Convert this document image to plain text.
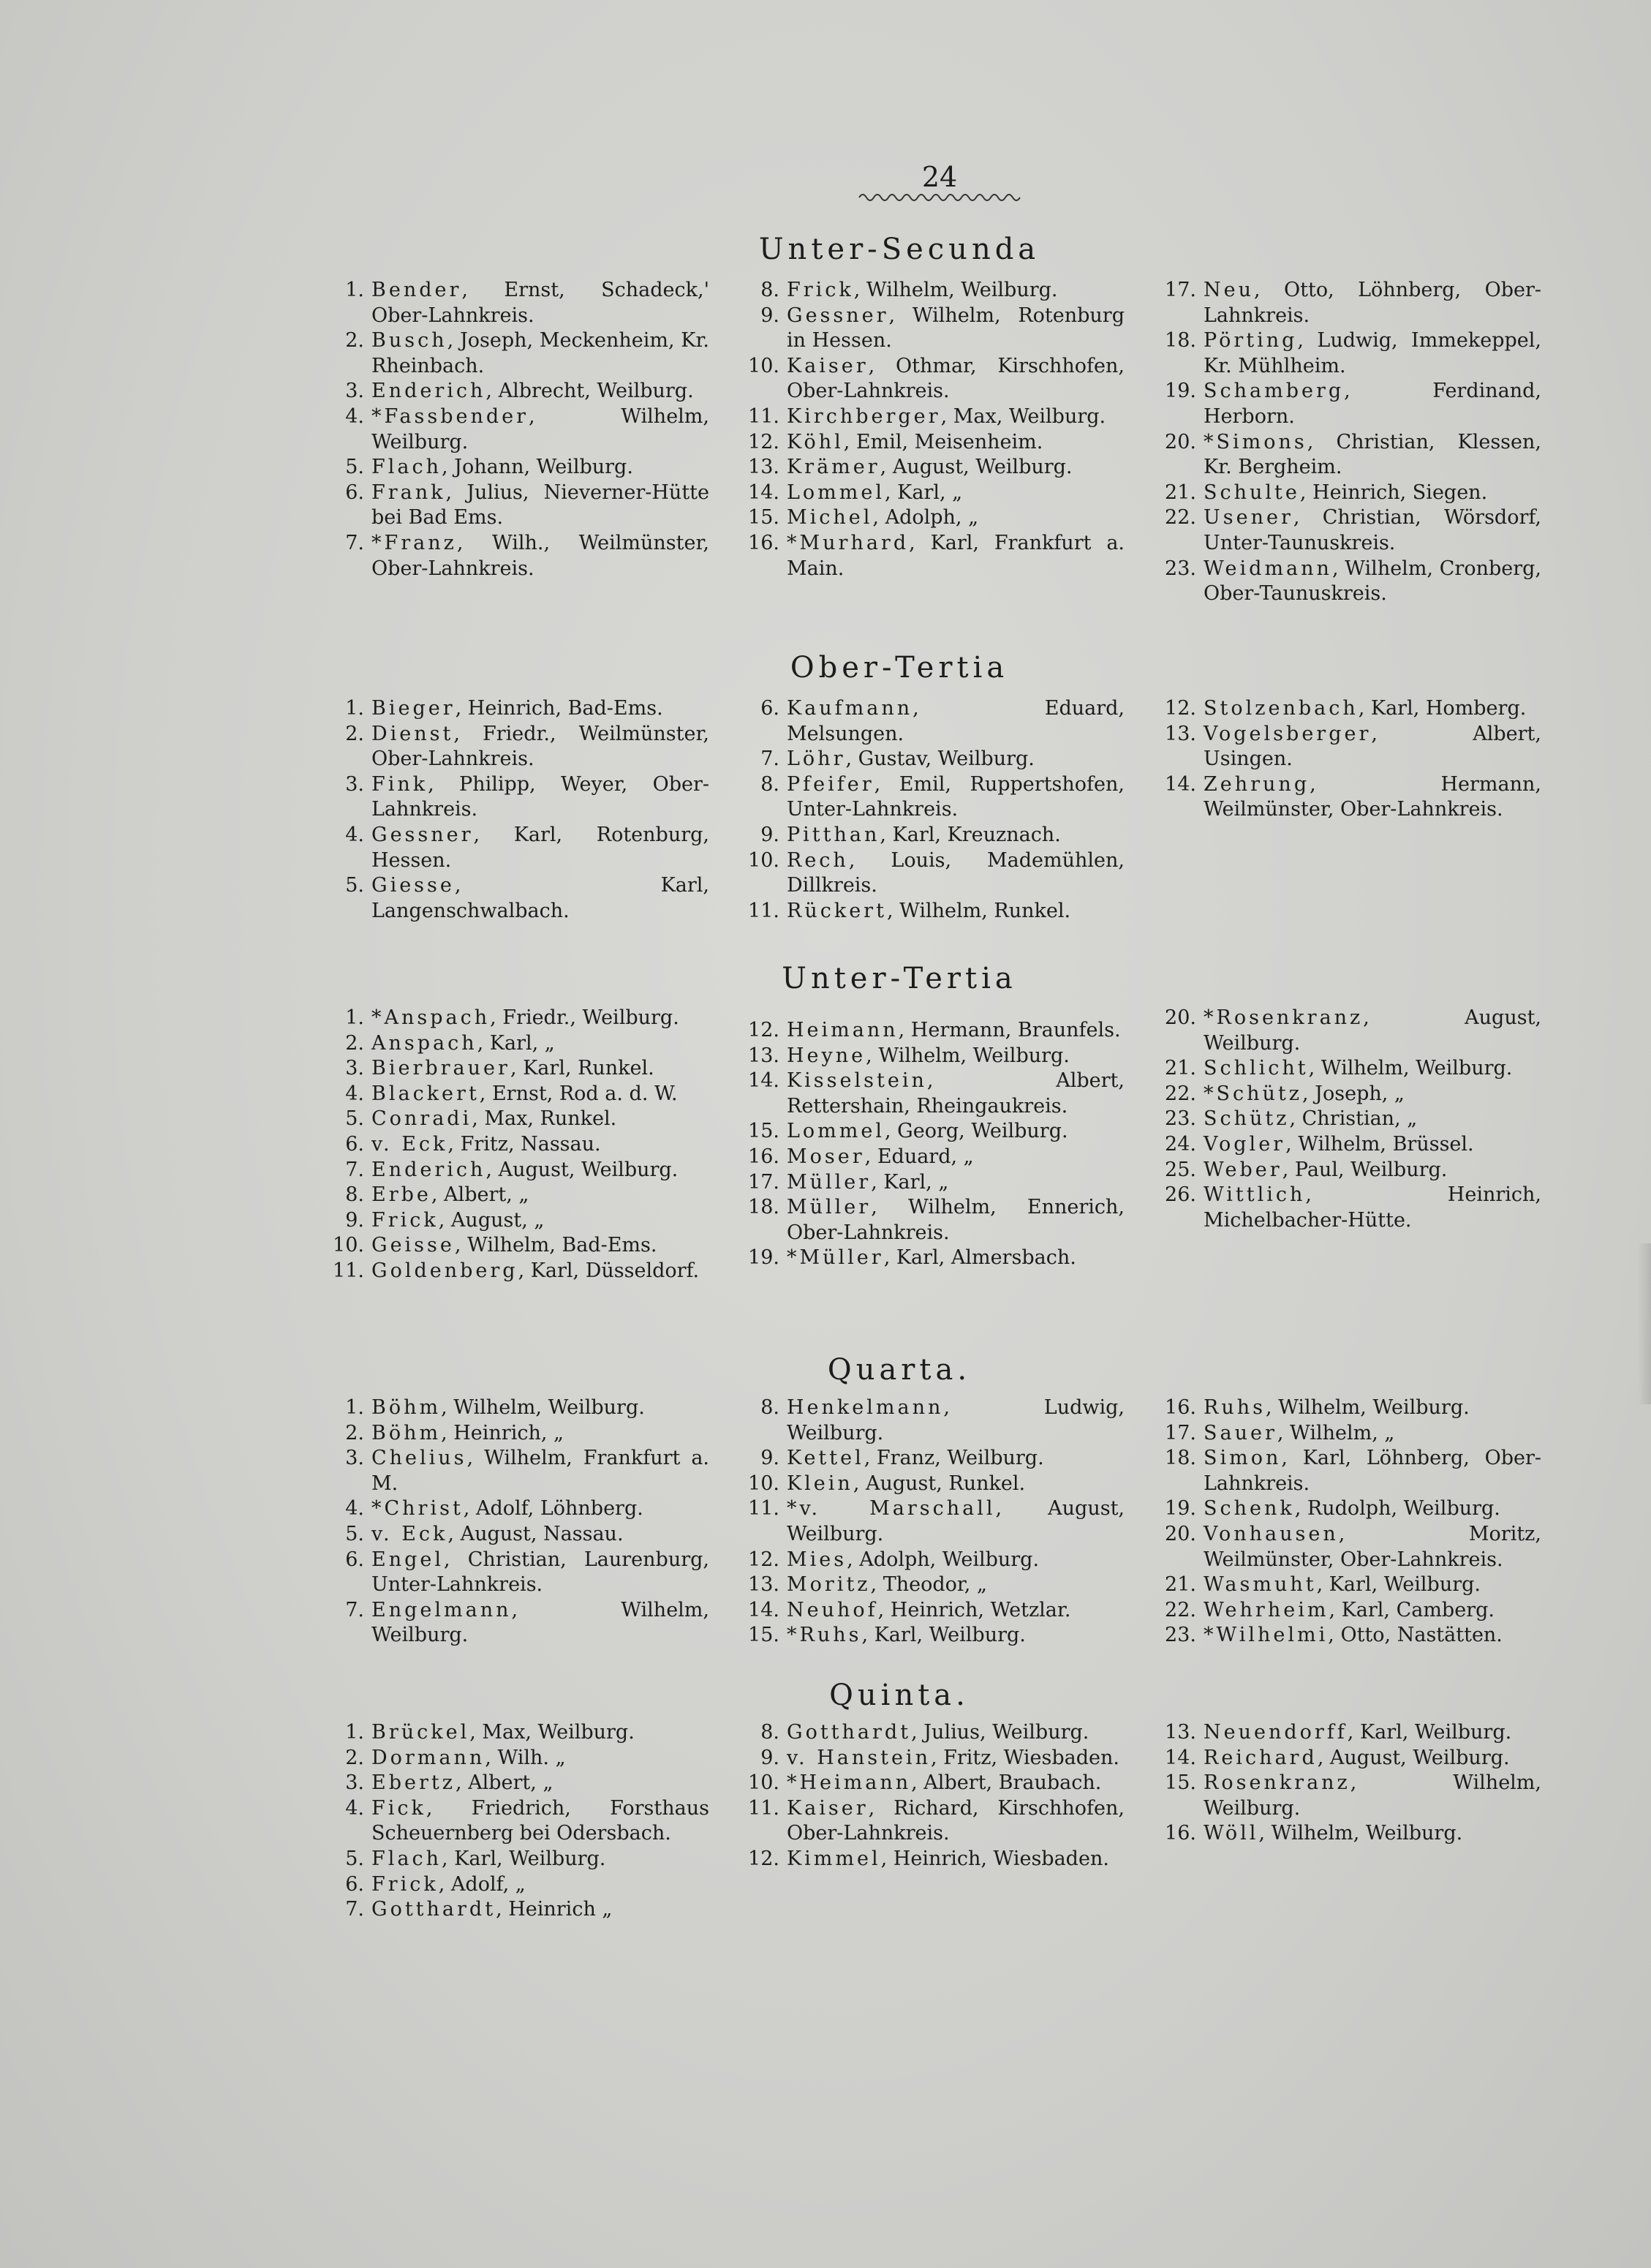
24
Unter-Secunda
1. Bender, Ernst, Schadeck,' Ober-Lahnkreis.
2. Busch, Joseph, Meckenheim, Kr. Rheinbach.
3. Enderich, Albrecht, Weilburg.
4. *Fassbender, Wilhelm, Weilburg.
5. Flach, Johann, Weilburg.
6. Frank, Julius, Nieverner-Hütte bei Bad Ems.
7. *Franz, Wilh., Weilmünster, Ober-Lahnkreis.
8. Frick, Wilhelm, Weilburg.
9. Gessner, Wilhelm, Rotenburg in Hessen.
10. Kaiser, Othmar, Kirschhofen, Ober-Lahnkreis.
11. Kirchberger, Max, Weilburg.
12. Köhl, Emil, Meisenheim.
13. Krämer, August, Weilburg.
14. Lommel, Karl, „
15. Michel, Adolph, „
16. *Murhard, Karl, Frankfurt a. Main.
17. Neu, Otto, Löhnberg, Ober-Lahnkreis.
18. Pörting, Ludwig, Immekeppel, Kr. Mühlheim.
19. Schamberg, Ferdinand, Herborn.
20. *Simons, Christian, Klessen, Kr. Bergheim.
21. Schulte, Heinrich, Siegen.
22. Usener, Christian, Wörsdorf, Unter-Taunuskreis.
23. Weidmann, Wilhelm, Cronberg, Ober-Taunuskreis.
Ober-Tertia
1. Bieger, Heinrich, Bad-Ems.
2. Dienst, Friedr., Weilmünster, Ober-Lahnkreis.
3. Fink, Philipp, Weyer, Ober-Lahnkreis.
4. Gessner, Karl, Rotenburg, Hessen.
5. Giesse, Karl, Langenschwalbach.
6. Kaufmann, Eduard, Melsungen.
7. Löhr, Gustav, Weilburg.
8. Pfeifer, Emil, Ruppertshofen, Unter-Lahnkreis.
9. Pitthan, Karl, Kreuznach.
10. Rech, Louis, Mademühlen, Dillkreis.
11. Rückert, Wilhelm, Runkel.
12. Stolzenbach, Karl, Homberg.
13. Vogelsberger, Albert, Usingen.
14. Zehrung, Hermann, Weilmünster, Ober-Lahnkreis.
Unter-Tertia
1. *Anspach, Friedr., Weilburg.
2. Anspach, Karl, „
3. Bierbrauer, Karl, Runkel.
4. Blackert, Ernst, Rod a. d. W.
5. Conradi, Max, Runkel.
6. v. Eck, Fritz, Nassau.
7. Enderich, August, Weilburg.
8. Erbe, Albert, „
9. Frick, August, „
10. Geisse, Wilhelm, Bad-Ems.
11. Goldenberg, Karl, Düsseldorf.
12. Heimann, Hermann, Braunfels.
13. Heyne, Wilhelm, Weilburg.
14. Kisselstein, Albert, Rettershain, Rheingaukreis.
15. Lommel, Georg, Weilburg.
16. Moser, Eduard, „
17. Müller, Karl, „
18. Müller, Wilhelm, Ennerich, Ober-Lahnkreis.
19. *Müller, Karl, Almersbach.
20. *Rosenkranz, August, Weilburg.
21. Schlicht, Wilhelm, Weilburg.
22. *Schütz, Joseph, „
23. Schütz, Christian, „
24. Vogler, Wilhelm, Brüssel.
25. Weber, Paul, Weilburg.
26. Wittlich, Heinrich, Michelbacher-Hütte.
Quarta.
1. Böhm, Wilhelm, Weilburg.
2. Böhm, Heinrich, „
3. Chelius, Wilhelm, Frankfurt a. M.
4. *Christ, Adolf, Löhnberg.
5. v. Eck, August, Nassau.
6. Engel, Christian, Laurenburg, Unter-Lahnkreis.
7. Engelmann, Wilhelm, Weilburg.
8. Henkelmann, Ludwig, Weilburg.
9. Kettel, Franz, Weilburg.
10. Klein, August, Runkel.
11. *v. Marschall, August, Weilburg.
12. Mies, Adolph, Weilburg.
13. Moritz, Theodor, „
14. Neuhof, Heinrich, Wetzlar.
15. *Ruhs, Karl, Weilburg.
16. Ruhs, Wilhelm, Weilburg.
17. Sauer, Wilhelm, „
18. Simon, Karl, Löhnberg, Ober-Lahnkreis.
19. Schenk, Rudolph, Weilburg.
20. Vonhausen, Moritz, Weilmünster, Ober-Lahnkreis.
21. Wasmuht, Karl, Weilburg.
22. Wehrheim, Karl, Camberg.
23. *Wilhelmi, Otto, Nastätten.
Quinta.
1. Brückel, Max, Weilburg.
2. Dormann, Wilh. „
3. Ebertz, Albert, „
4. Fick, Friedrich, Forsthaus Scheuernberg bei Odersbach.
5. Flach, Karl, Weilburg.
6. Frick, Adolf, „
7. Gotthardt, Heinrich „
8. Gotthardt, Julius, Weilburg.
9. v. Hanstein, Fritz, Wiesbaden.
10. *Heimann, Albert, Braubach.
11. Kaiser, Richard, Kirschhofen, Ober-Lahnkreis.
12. Kimmel, Heinrich, Wiesbaden.
13. Neuendorff, Karl, Weilburg.
14. Reichard, August, Weilburg.
15. Rosenkranz, Wilhelm, Weilburg.
16. Wöll, Wilhelm, Weilburg.
